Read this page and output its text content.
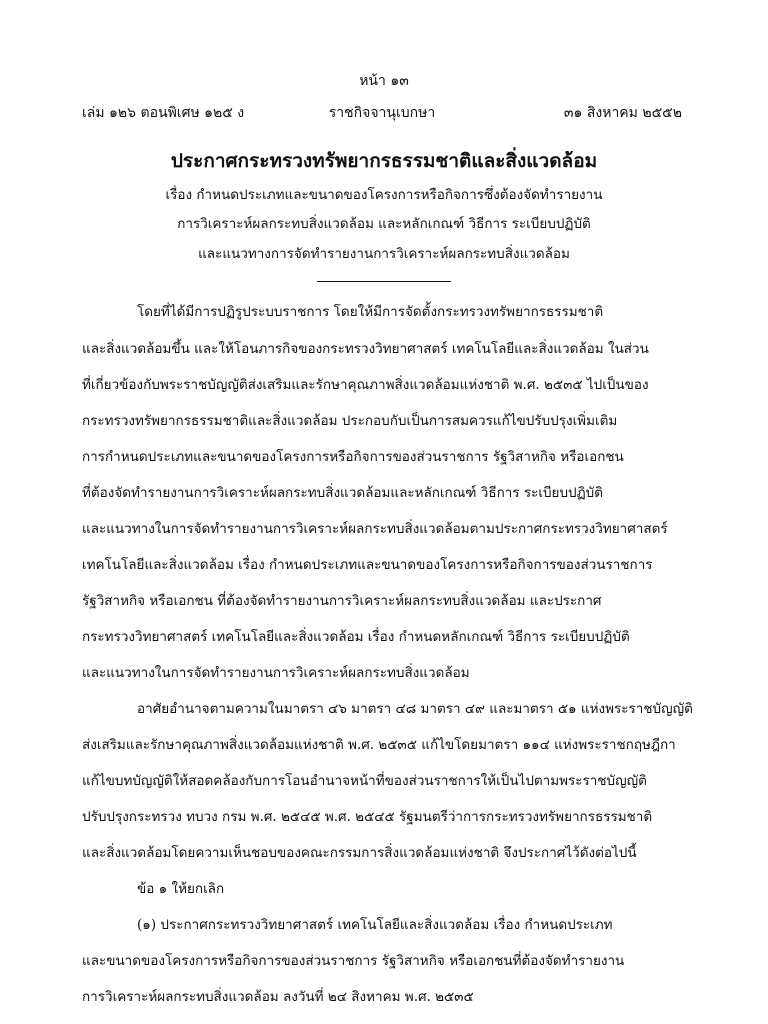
หน้า ๑๓
ราชกิจจานุเบกษา
เล่ม ๑๒๖ ตอนพิเศษ ๑๒๕ ง	๓๑ สิงหาคม ๒๕๕๒
ประกาศกระทรวงทรัพยากรธรรมชาติและสิ่งแวดล้อม
เรื่อง กำหนดประเภทและขนาดของโครงการหรือกิจการซึ่งต้องจัดทำรายงาน
การวิเคราะห์ผลกระทบสิ่งแวดล้อม และหลักเกณฑ์ วิธีการ ระเบียบปฏิบัติ
และแนวทางการจัดทำรายงานการวิเคราะห์ผลกระทบสิ่งแวดล้อม
โดยที่ได้มีการปฏิรูประบบราชการ โดยให้มีการจัดตั้งกระทรวงทรัพยากรธรรมชาติ
และสิ่งแวดล้อมขึ้น และให้โอนภารกิจของกระทรวงวิทยาศาสตร์ เทคโนโลยีและสิ่งแวดล้อม ในส่วน
ที่เกี่ยวข้องกับพระราชบัญญัติส่งเสริมและรักษาคุณภาพสิ่งแวดล้อมแห่งชาติ พ.ศ. ๒๕๓๕ ไปเป็นของ
กระทรวงทรัพยากรธรรมชาติและสิ่งแวดล้อม ประกอบกับเป็นการสมควรแก้ไขปรับปรุงเพิ่มเติม
การกำหนดประเภทและขนาดของโครงการหรือกิจการของส่วนราชการ รัฐวิสาหกิจ หรือเอกชน
ที่ต้องจัดทำรายงานการวิเคราะห์ผลกระทบสิ่งแวดล้อมและหลักเกณฑ์ วิธีการ ระเบียบปฏิบัติ
และแนวทางในการจัดทำรายงานการวิเคราะห์ผลกระทบสิ่งแวดล้อมตามประกาศกระทรวงวิทยาศาสตร์
เทคโนโลยีและสิ่งแวดล้อม เรื่อง กำหนดประเภทและขนาดของโครงการหรือกิจการของส่วนราชการ
รัฐวิสาหกิจ หรือเอกชน ที่ต้องจัดทำรายงานการวิเคราะห์ผลกระทบสิ่งแวดล้อม และประกาศ
กระทรวงวิทยาศาสตร์ เทคโนโลยีและสิ่งแวดล้อม เรื่อง กำหนดหลักเกณฑ์ วิธีการ ระเบียบปฏิบัติ
และแนวทางในการจัดทำรายงานการวิเคราะห์ผลกระทบสิ่งแวดล้อม
อาศัยอำนาจตามความในมาตรา ๔๖ มาตรา ๔๘ มาตรา ๔๙ และมาตรา ๕๑ แห่งพระราชบัญญัติ
ส่งเสริมและรักษาคุณภาพสิ่งแวดล้อมแห่งชาติ พ.ศ. ๒๕๓๕ แก้ไขโดยมาตรา ๑๑๔ แห่งพระราชกฤษฎีกา
แก้ไขบทบัญญัติให้สอดคล้องกับการโอนอำนาจหน้าที่ของส่วนราชการให้เป็นไปตามพระราชบัญญัติ
ปรับปรุงกระทรวง ทบวง กรม พ.ศ. ๒๕๔๕ พ.ศ. ๒๕๔๕ รัฐมนตรีว่าการกระทรวงทรัพยากรธรรมชาติ
และสิ่งแวดล้อมโดยความเห็นชอบของคณะกรรมการสิ่งแวดล้อมแห่งชาติ จึงประกาศไว้ดังต่อไปนี้
ข้อ ๑ ให้ยกเลิก
(๑) ประกาศกระทรวงวิทยาศาสตร์ เทคโนโลยีและสิ่งแวดล้อม เรื่อง กำหนดประเภท
และขนาดของโครงการหรือกิจการของส่วนราชการ รัฐวิสาหกิจ หรือเอกชนที่ต้องจัดทำรายงาน
การวิเคราะห์ผลกระทบสิ่งแวดล้อม ลงวันที่ ๒๔ สิงหาคม พ.ศ. ๒๕๓๕
